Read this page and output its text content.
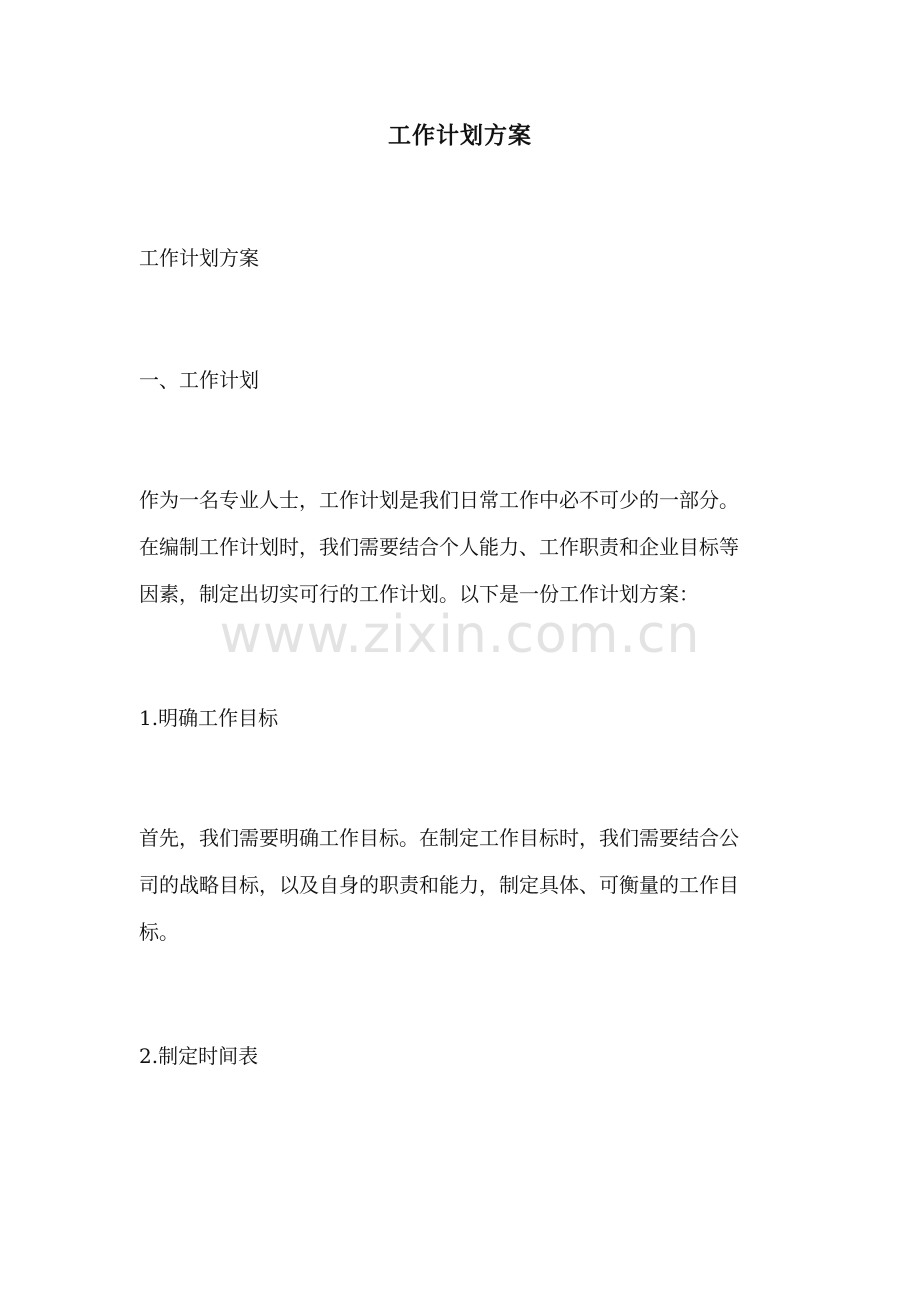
工作计划方案

工作计划方案

一、工作计划

作为一名专业人士，工作计划是我们日常工作中必不可少的一部分。
在编制工作计划时，我们需要结合个人能力、工作职责和企业目标等
因素，制定出切实可行的工作计划。以下是一份工作计划方案：
www.zixin.com.cn

1.明确工作目标

首先，我们需要明确工作目标。在制定工作目标时，我们需要结合公
司的战略目标，以及自身的职责和能力，制定具体、可衡量的工作目
标。

2.制定时间表
